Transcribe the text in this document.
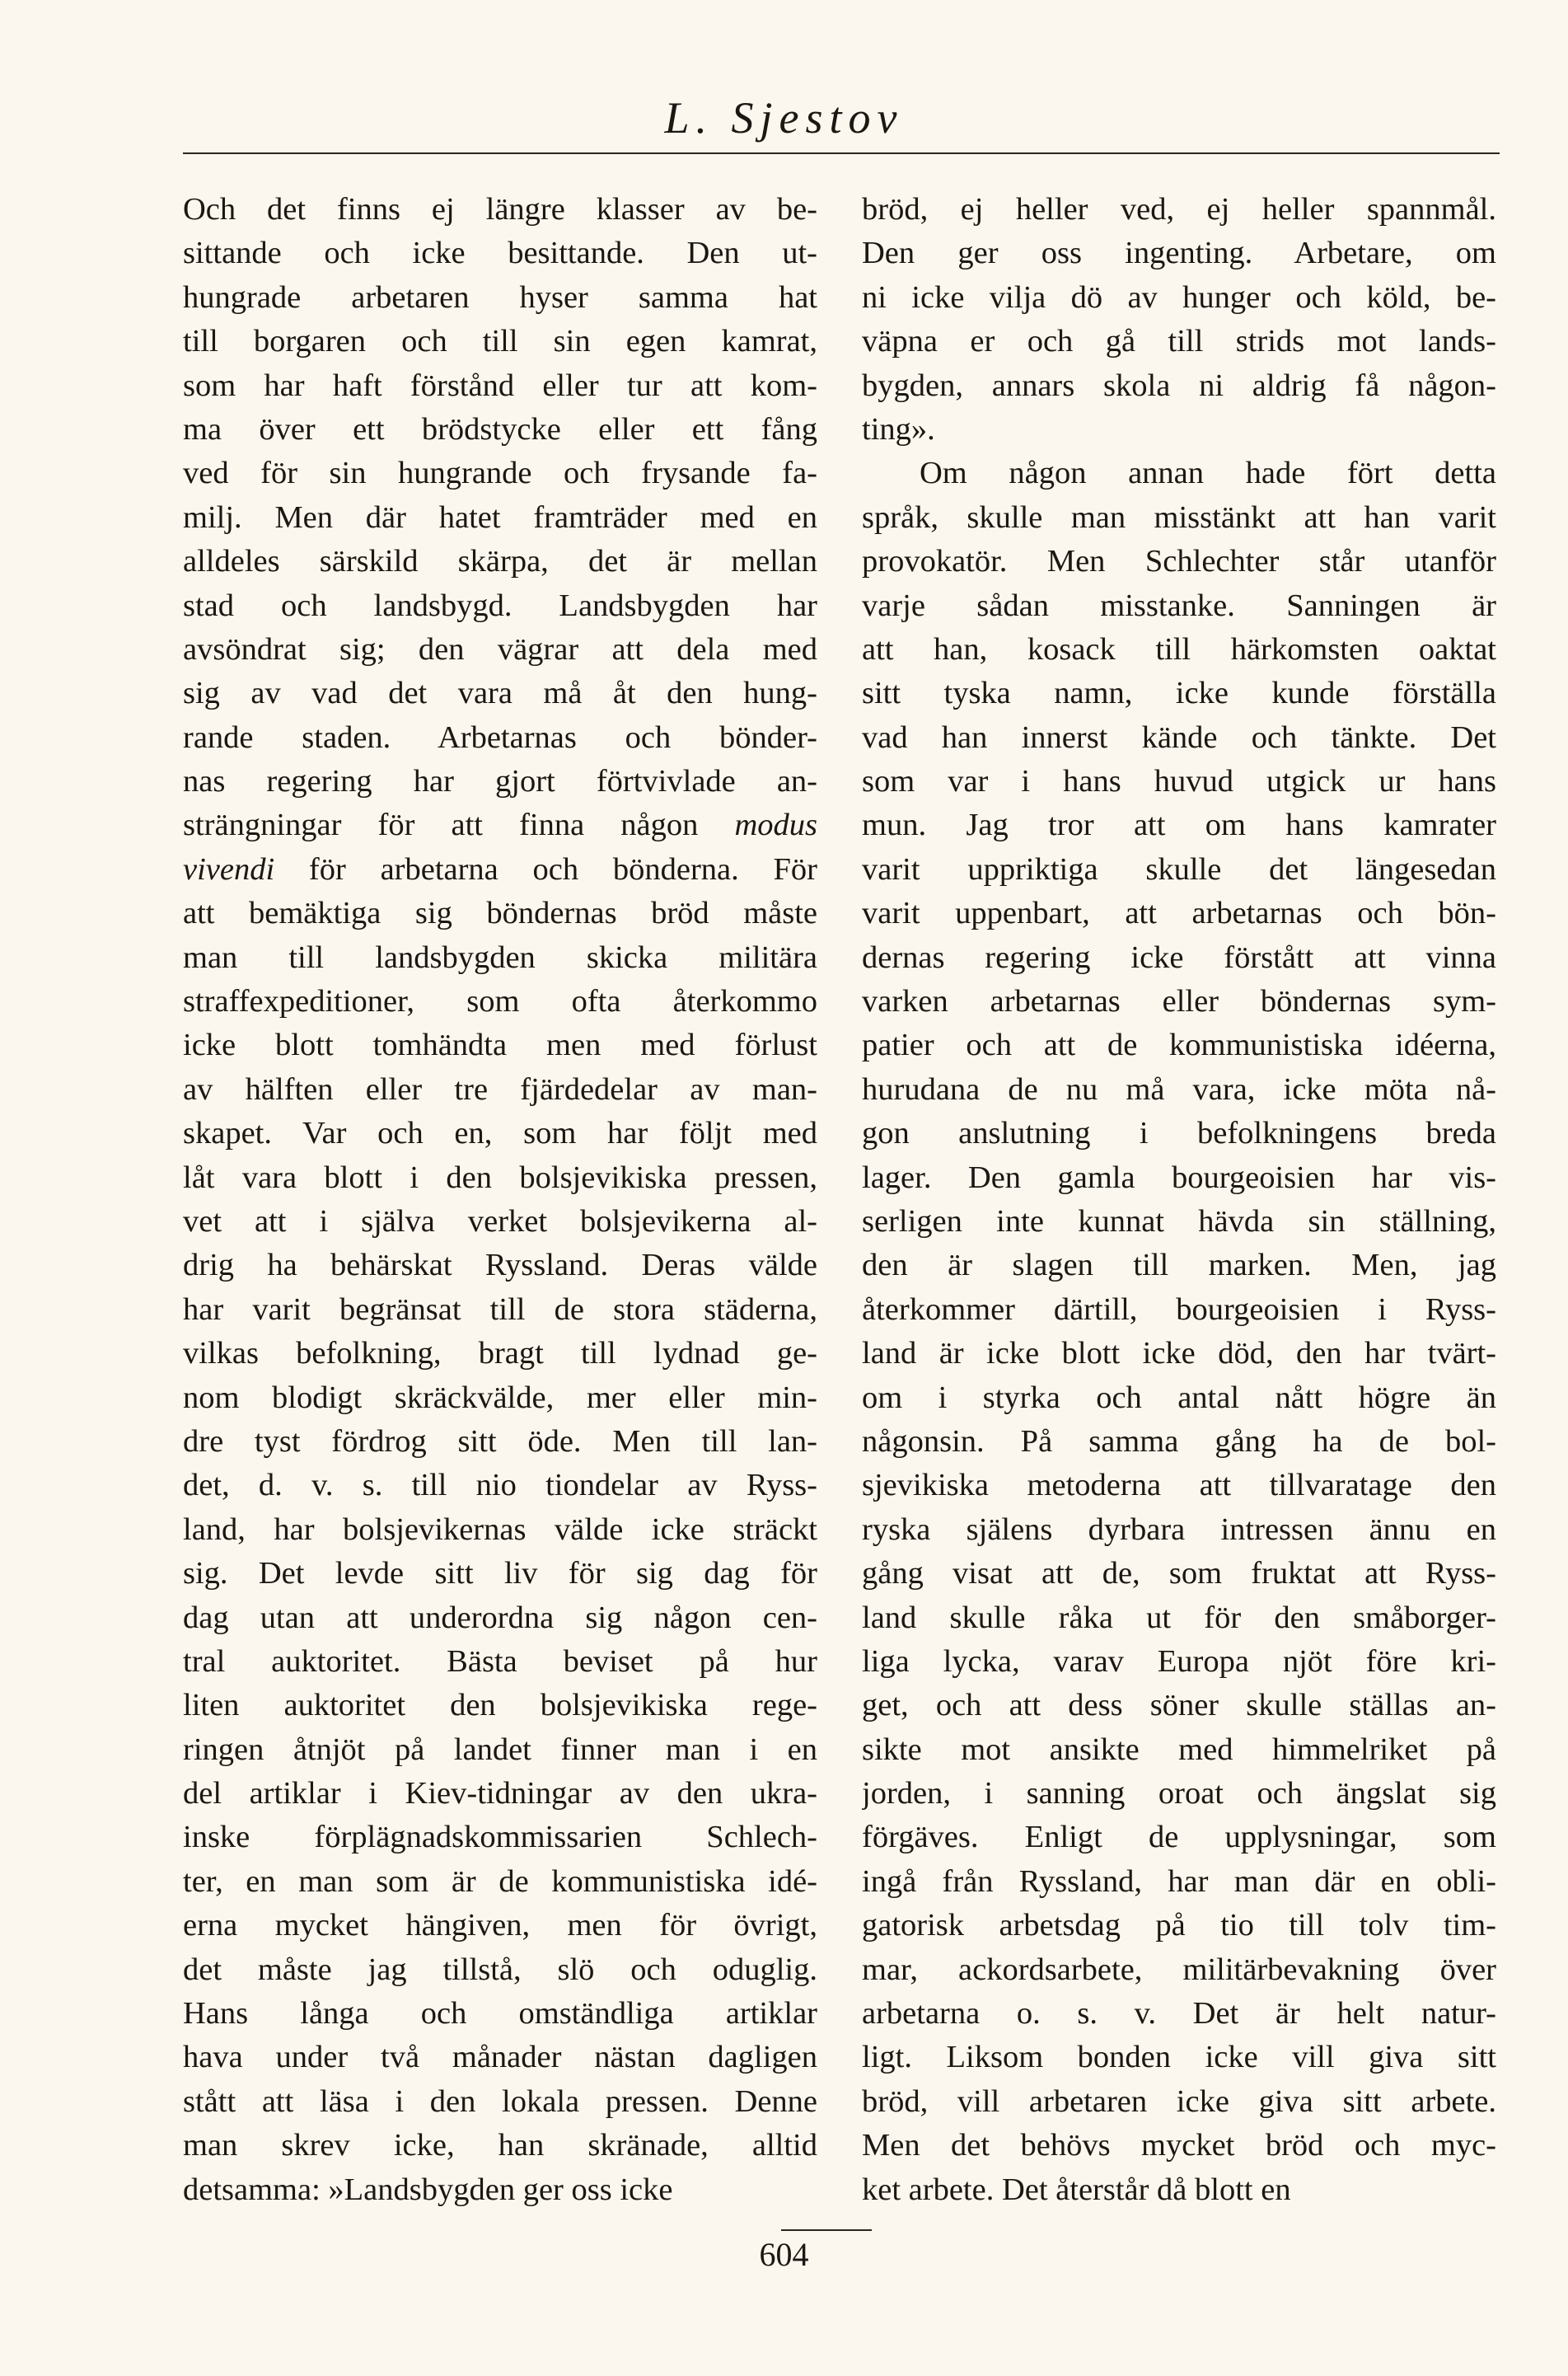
L. Sjestov
Och det finns ej längre klasser av be-
sittande och icke besittande. Den ut-
hungrade arbetaren hyser samma hat
till borgaren och till sin egen kamrat,
som har haft förstånd eller tur att kom-
ma över ett brödstycke eller ett fång
ved för sin hungrande och frysande fa-
milj. Men där hatet framträder med en
alldeles särskild skärpa, det är mellan
stad och landsbygd. Landsbygden har
avsöndrat sig; den vägrar att dela med
sig av vad det vara må åt den hung-
rande staden. Arbetarnas och bönder-
nas regering har gjort förtvivlade an-
strängningar för att finna någon modus
vivendi för arbetarna och bönderna. För
att bemäktiga sig böndernas bröd måste
man till landsbygden skicka militära
straffexpeditioner, som ofta återkommo
icke blott tomhändta men med förlust
av hälften eller tre fjärdedelar av man-
skapet. Var och en, som har följt med
låt vara blott i den bolsjevikiska pressen,
vet att i själva verket bolsjevikerna al-
drig ha behärskat Ryssland. Deras välde
har varit begränsat till de stora städerna,
vilkas befolkning, bragt till lydnad ge-
nom blodigt skräckvälde, mer eller min-
dre tyst fördrog sitt öde. Men till lan-
det, d. v. s. till nio tiondelar av Ryss-
land, har bolsjevikernas välde icke sträckt
sig. Det levde sitt liv för sig dag för
dag utan att underordna sig någon cen-
tral auktoritet. Bästa beviset på hur
liten auktoritet den bolsjevikiska rege-
ringen åtnjöt på landet finner man i en
del artiklar i Kiev-tidningar av den ukra-
inske förplägnadskommissarien Schlech-
ter, en man som är de kommunistiska idé-
erna mycket hängiven, men för övrigt,
det måste jag tillstå, slö och oduglig.
Hans långa och omständliga artiklar
hava under två månader nästan dagligen
stått att läsa i den lokala pressen. Denne
man skrev icke, han skränade, alltid
detsamma: »Landsbygden ger oss icke
bröd, ej heller ved, ej heller spannmål.
Den ger oss ingenting. Arbetare, om
ni icke vilja dö av hunger och köld, be-
väpna er och gå till strids mot lands-
bygden, annars skola ni aldrig få någon-
ting».
Om någon annan hade fört detta
språk, skulle man misstänkt att han varit
provokatör. Men Schlechter står utanför
varje sådan misstanke. Sanningen är
att han, kosack till härkomsten oaktat
sitt tyska namn, icke kunde förställa
vad han innerst kände och tänkte. Det
som var i hans huvud utgick ur hans
mun. Jag tror att om hans kamrater
varit uppriktiga skulle det längesedan
varit uppenbart, att arbetarnas och bön-
dernas regering icke förstått att vinna
varken arbetarnas eller böndernas sym-
patier och att de kommunistiska idéerna,
hurudana de nu må vara, icke möta nå-
gon anslutning i befolkningens breda
lager. Den gamla bourgeoisien har vis-
serligen inte kunnat hävda sin ställning,
den är slagen till marken. Men, jag
återkommer därtill, bourgeoisien i Ryss-
land är icke blott icke död, den har tvärt-
om i styrka och antal nått högre än
någonsin. På samma gång ha de bol-
sjevikiska metoderna att tillvaratage den
ryska själens dyrbara intressen ännu en
gång visat att de, som fruktat att Ryss-
land skulle råka ut för den småborger-
liga lycka, varav Europa njöt före kri-
get, och att dess söner skulle ställas an-
sikte mot ansikte med himmelriket på
jorden, i sanning oroat och ängslat sig
förgäves. Enligt de upplysningar, som
ingå från Ryssland, har man där en obli-
gatorisk arbetsdag på tio till tolv tim-
mar, ackordsarbete, militärbevakning över
arbetarna o. s. v. Det är helt natur-
ligt. Liksom bonden icke vill giva sitt
bröd, vill arbetaren icke giva sitt arbete.
Men det behövs mycket bröd och myc-
ket arbete. Det återstår då blott en
604
